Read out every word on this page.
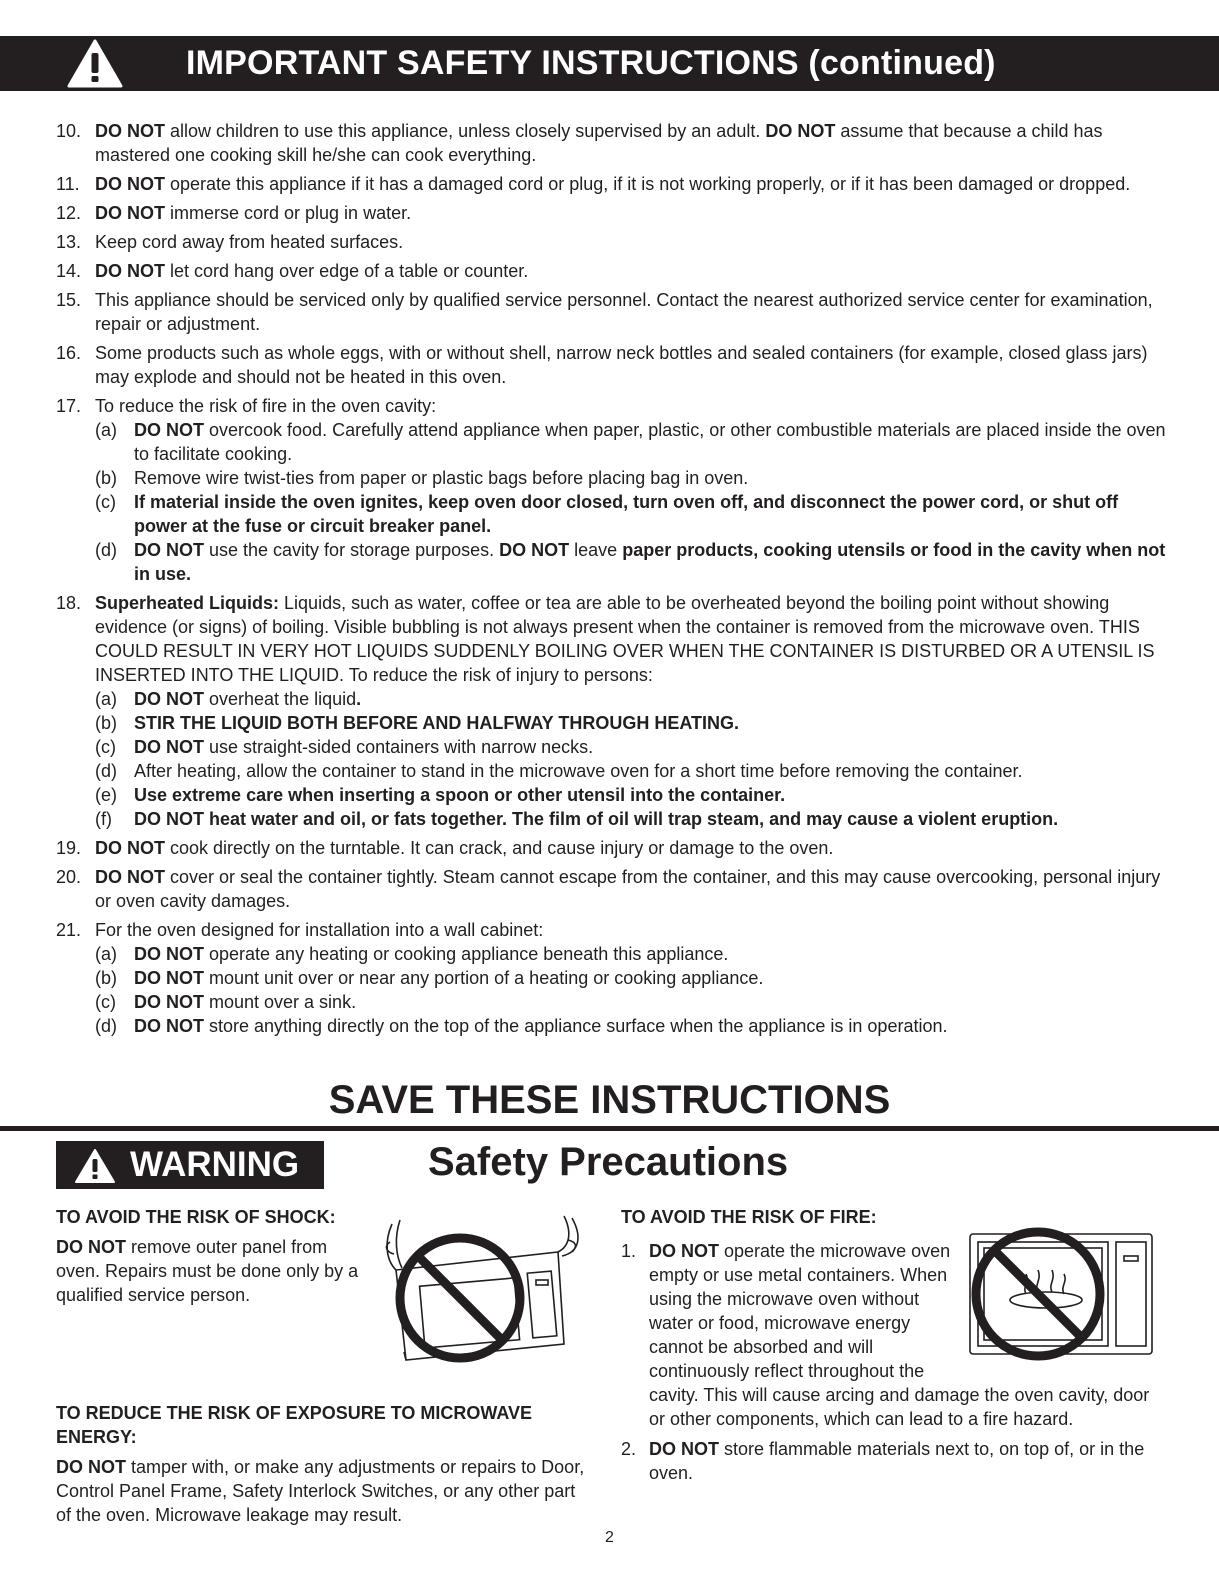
IMPORTANT SAFETY INSTRUCTIONS (continued)
10. DO NOT allow children to use this appliance, unless closely supervised by an adult. DO NOT assume that because a child has mastered one cooking skill he/she can cook everything.
11. DO NOT operate this appliance if it has a damaged cord or plug, if it is not working properly, or if it has been damaged or dropped.
12. DO NOT immerse cord or plug in water.
13. Keep cord away from heated surfaces.
14. DO NOT let cord hang over edge of a table or counter.
15. This appliance should be serviced only by qualified service personnel. Contact the nearest authorized service center for examination, repair or adjustment.
16. Some products such as whole eggs, with or without shell, narrow neck bottles and sealed containers (for example, closed glass jars) may explode and should not be heated in this oven.
17. To reduce the risk of fire in the oven cavity:
(a) DO NOT overcook food. Carefully attend appliance when paper, plastic, or other combustible materials are placed inside the oven to facilitate cooking.
(b) Remove wire twist-ties from paper or plastic bags before placing bag in oven.
(c) If material inside the oven ignites, keep oven door closed, turn oven off, and disconnect the power cord, or shut off power at the fuse or circuit breaker panel.
(d) DO NOT use the cavity for storage purposes. DO NOT leave paper products, cooking utensils or food in the cavity when not in use.
18. Superheated Liquids: Liquids, such as water, coffee or tea are able to be overheated beyond the boiling point without showing evidence (or signs) of boiling. Visible bubbling is not always present when the container is removed from the microwave oven. THIS COULD RESULT IN VERY HOT LIQUIDS SUDDENLY BOILING OVER WHEN THE CONTAINER IS DISTURBED OR A UTENSIL IS INSERTED INTO THE LIQUID. To reduce the risk of injury to persons:
(a) DO NOT overheat the liquid.
(b) STIR THE LIQUID BOTH BEFORE AND HALFWAY THROUGH HEATING.
(c) DO NOT use straight-sided containers with narrow necks.
(d) After heating, allow the container to stand in the microwave oven for a short time before removing the container.
(e) Use extreme care when inserting a spoon or other utensil into the container.
(f) DO NOT heat water and oil, or fats together. The film of oil will trap steam, and may cause a violent eruption.
19. DO NOT cook directly on the turntable. It can crack, and cause injury or damage to the oven.
20. DO NOT cover or seal the container tightly. Steam cannot escape from the container, and this may cause overcooking, personal injury or oven cavity damages.
21. For the oven designed for installation into a wall cabinet:
(a) DO NOT operate any heating or cooking appliance beneath this appliance.
(b) DO NOT mount unit over or near any portion of a heating or cooking appliance.
(c) DO NOT mount over a sink.
(d) DO NOT store anything directly on the top of the appliance surface when the appliance is in operation.
SAVE THESE INSTRUCTIONS
WARNING	Safety Precautions
TO AVOID THE RISK OF SHOCK:
DO NOT remove outer panel from oven. Repairs must be done only by a qualified service person.
TO REDUCE THE RISK OF EXPOSURE TO MICROWAVE ENERGY:
DO NOT tamper with, or make any adjustments or repairs to Door, Control Panel Frame, Safety Interlock Switches, or any other part of the oven. Microwave leakage may result.
TO AVOID THE RISK OF FIRE:
1. DO NOT operate the microwave oven empty or use metal containers. When using the microwave oven without water or food, microwave energy cannot be absorbed and will continuously reflect throughout the cavity. This will cause arcing and damage the oven cavity, door or other components, which can lead to a fire hazard.
2. DO NOT store flammable materials next to, on top of, or in the oven.
2
